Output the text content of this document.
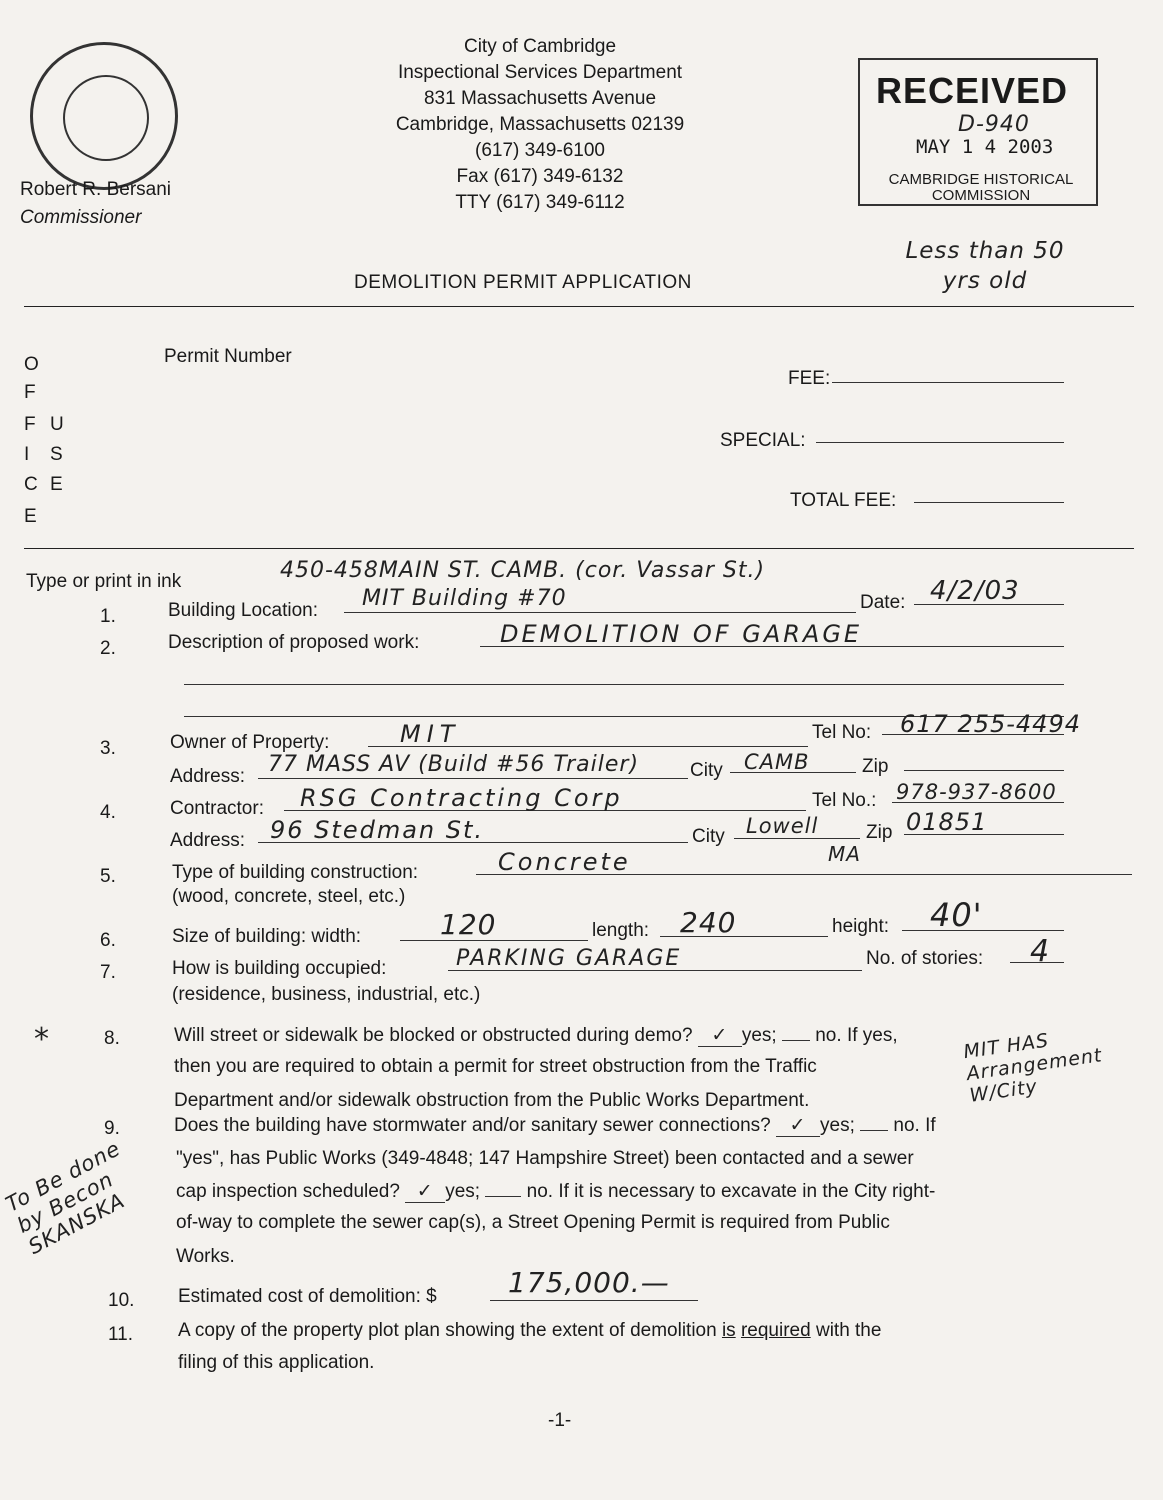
City of Cambridge
Inspectional Services Department
831 Massachusetts Avenue
Cambridge, Massachusetts 02139
(617) 349-6100
Fax (617) 349-6132
TTY (617) 349-6112
Robert R. Bersani
Commissioner
RECEIVED
D-940
MAY 1 4 2003
CAMBRIDGE HISTORICAL
COMMISSION
Less than 50 yrs old
DEMOLITION PERMIT APPLICATION
O
F
F
I
C
E
U
S
E
Permit Number
FEE:
SPECIAL:
TOTAL FEE:
Type or print in ink	450-458MAIN ST. CAMB. (cor. Vassar St.)
1.	Building Location: MIT Building #70	Date: 4/2/03
2.	Description of proposed work:	DEMOLITION OF GARAGE
3.	Owner of Property:	MIT	Tel No: 617 255-4494
Address: 77 MASS AV (Build #56 Trailer)	City CAMB	Zip
4.	Contractor: RSG Contracting Corp	Tel No.: 978-937-8600
Address: 96 Stedman St.	City Lowell	Zip 01851
MA
5.	Type of building construction:	Concrete
(wood, concrete, steel, etc.)
6.	Size of building: width:	120	length: 240	height: 40'
7.	How is building occupied:	PARKING GARAGE	No. of stories: 4
(residence, business, industrial, etc.)
*	8.	Will street or sidewalk be blocked or obstructed during demo? ✓ yes; no. If yes,
then you are required to obtain a permit for street obstruction from the Traffic
Department and/or sidewalk obstruction from the Public Works Department.
MIT HAS Arrangement W/City
9.	Does the building have stormwater and/or sanitary sewer connections? ✓ yes; no. If
"yes", has Public Works (349-4848; 147 Hampshire Street) been contacted and a sewer
cap inspection scheduled? ✓ yes; no. If it is necessary to excavate in the City right-
of-way to complete the sewer cap(s), a Street Opening Permit is required from Public
Works.
To Be done by Becon SKANSKA
10. Estimated cost of demolition: $	175,000.—
11. A copy of the property plot plan showing the extent of demolition is required with the
filing of this application.
-1-
